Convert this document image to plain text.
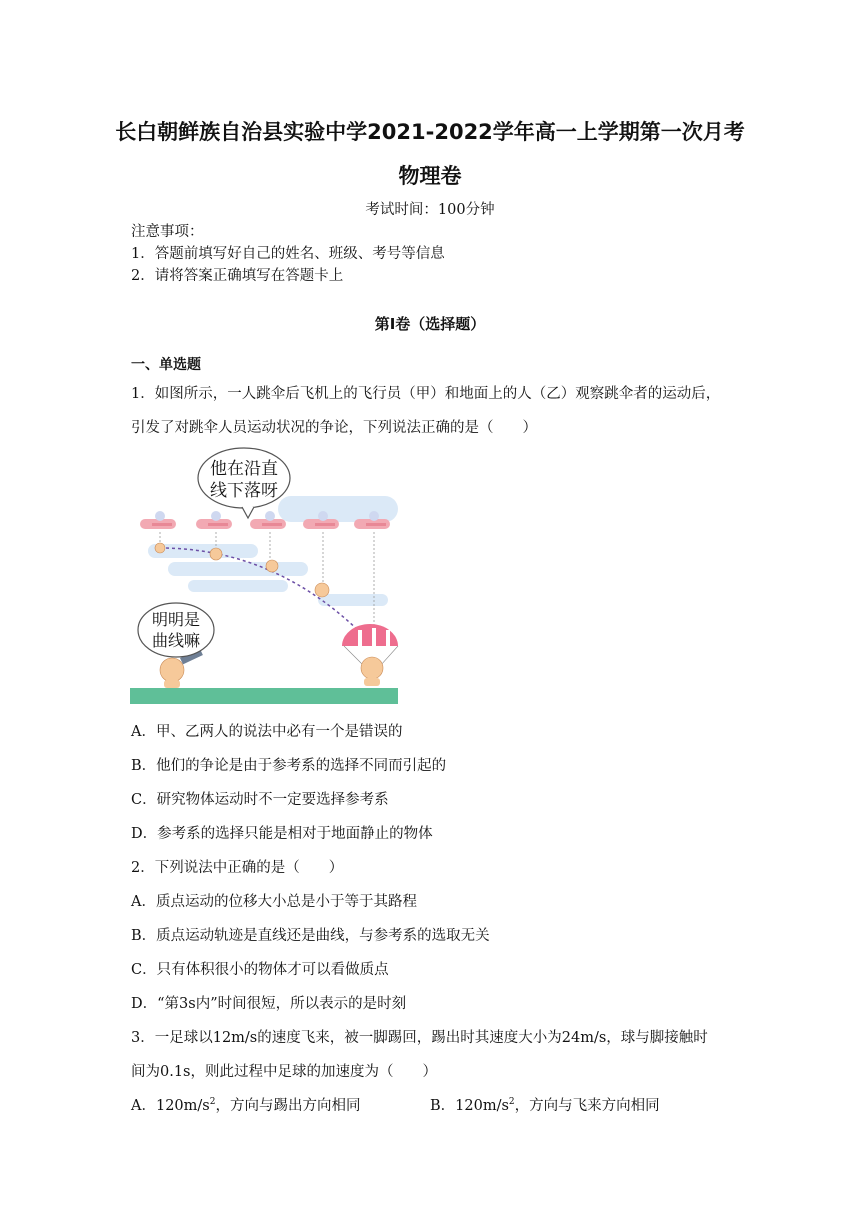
长白朝鲜族自治县实验中学2021-2022学年高一上学期第一次月考
物理卷
考试时间：100分钟
注意事项：
1．答题前填写好自己的姓名、班级、考号等信息
2．请将答案正确填写在答题卡上
第I卷（选择题）
一、单选题
1．如图所示，一人跳伞后飞机上的飞行员（甲）和地面上的人（乙）观察跳伞者的运动后，
引发了对跳伞人员运动状况的争论，下列说法正确的是（　　）
他在沿直
线下落呀
明明是
曲线嘛
A．甲、乙两人的说法中必有一个是错误的
B．他们的争论是由于参考系的选择不同而引起的
C．研究物体运动时不一定要选择参考系
D．参考系的选择只能是相对于地面静止的物体
2．下列说法中正确的是（　　）
A．质点运动的位移大小总是小于等于其路程
B．质点运动轨迹是直线还是曲线，与参考系的选取无关
C．只有体积很小的物体才可以看做质点
D．“第3s内”时间很短，所以表示的是时刻
3．一足球以12m/s的速度飞来，被一脚踢回，踢出时其速度大小为24m/s，球与脚接触时
间为0.1s，则此过程中足球的加速度为（　　）
A．$120m/s^2$，方向与踢出方向相同	B．$120m/s^2$，方向与飞来方向相同
